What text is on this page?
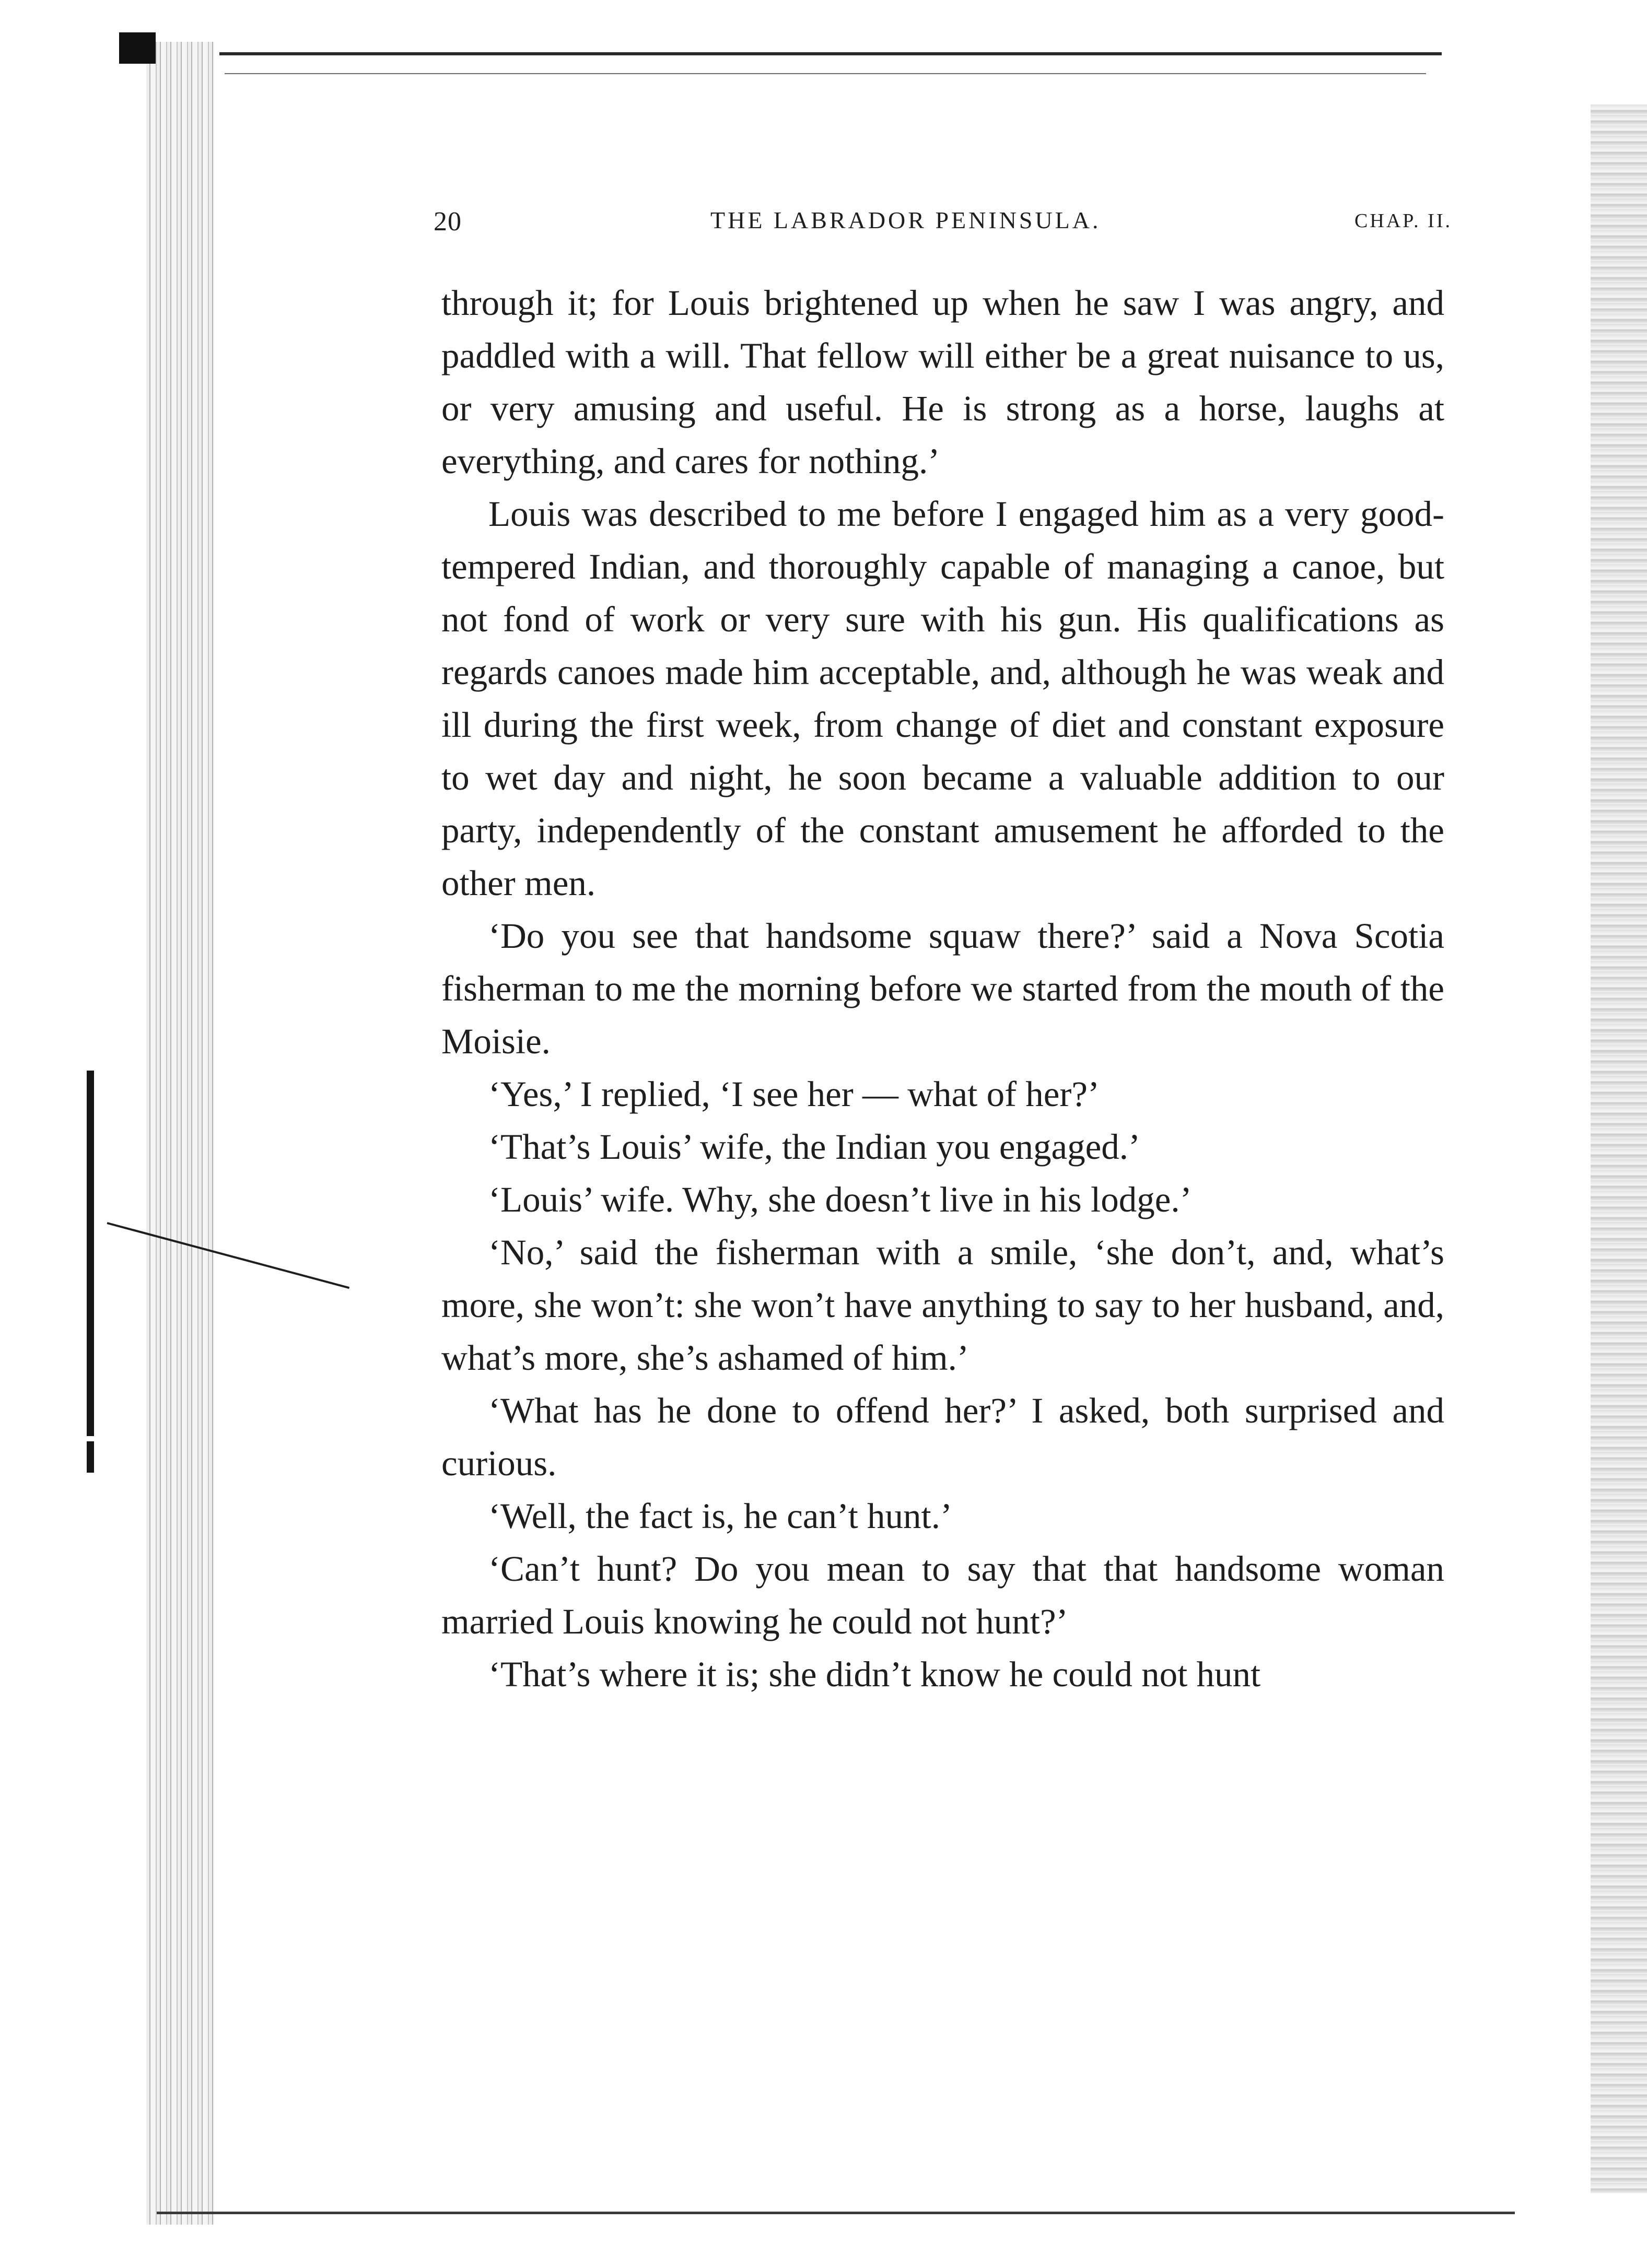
20	THE LABRADOR PENINSULA.	CHAP. II.

through it; for Louis brightened up when he saw I was angry, and paddled with a will. That fellow will either be a great nuisance to us, or very amusing and useful. He is strong as a horse, laughs at everything, and cares for nothing.’

Louis was described to me before I engaged him as a very good-tempered Indian, and thoroughly capable of managing a canoe, but not fond of work or very sure with his gun. His qualifications as regards canoes made him acceptable, and, although he was weak and ill during the first week, from change of diet and constant exposure to wet day and night, he soon became a valuable addition to our party, independently of the constant amusement he afforded to the other men.

‘Do you see that handsome squaw there?’ said a Nova Scotia fisherman to me the morning before we started from the mouth of the Moisie.

‘Yes,’ I replied, ‘I see her — what of her?’

‘That’s Louis’ wife, the Indian you engaged.’

‘Louis’ wife. Why, she doesn’t live in his lodge.’

‘No,’ said the fisherman with a smile, ‘she don’t, and, what’s more, she won’t: she won’t have anything to say to her husband, and, what’s more, she’s ashamed of him.’

‘What has he done to offend her?’ I asked, both surprised and curious.

‘Well, the fact is, he can’t hunt.’

‘Can’t hunt? Do you mean to say that that handsome woman married Louis knowing he could not hunt?’

‘That’s where it is; she didn’t know he could not hunt
